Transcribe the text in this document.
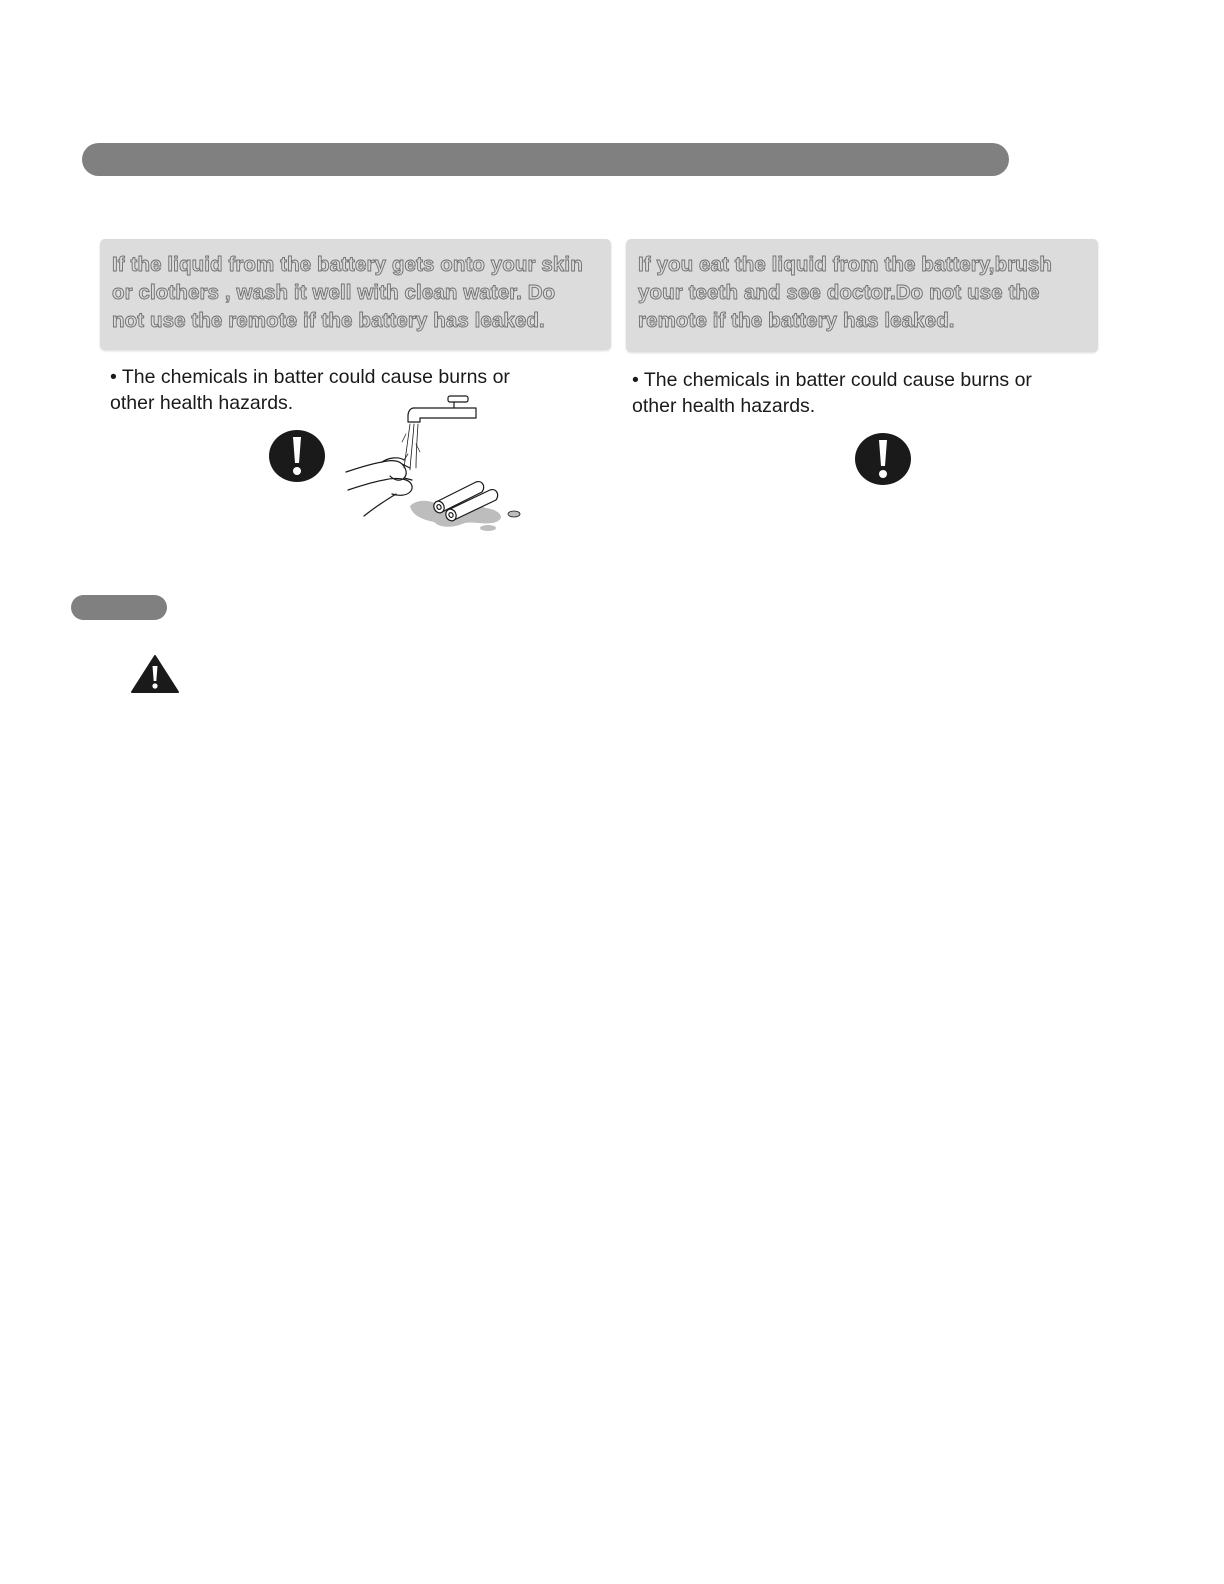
If the liquid from the battery gets onto your skin
or clothers , wash it well with clean water. Do
not use the remote if the battery has leaked.

If you eat the liquid from the battery,brush
your teeth and see doctor.Do not use the
remote if the battery has leaked.

• The chemicals in batter could cause burns or
other health hazards.

• The chemicals in batter could cause burns or
other health hazards.
